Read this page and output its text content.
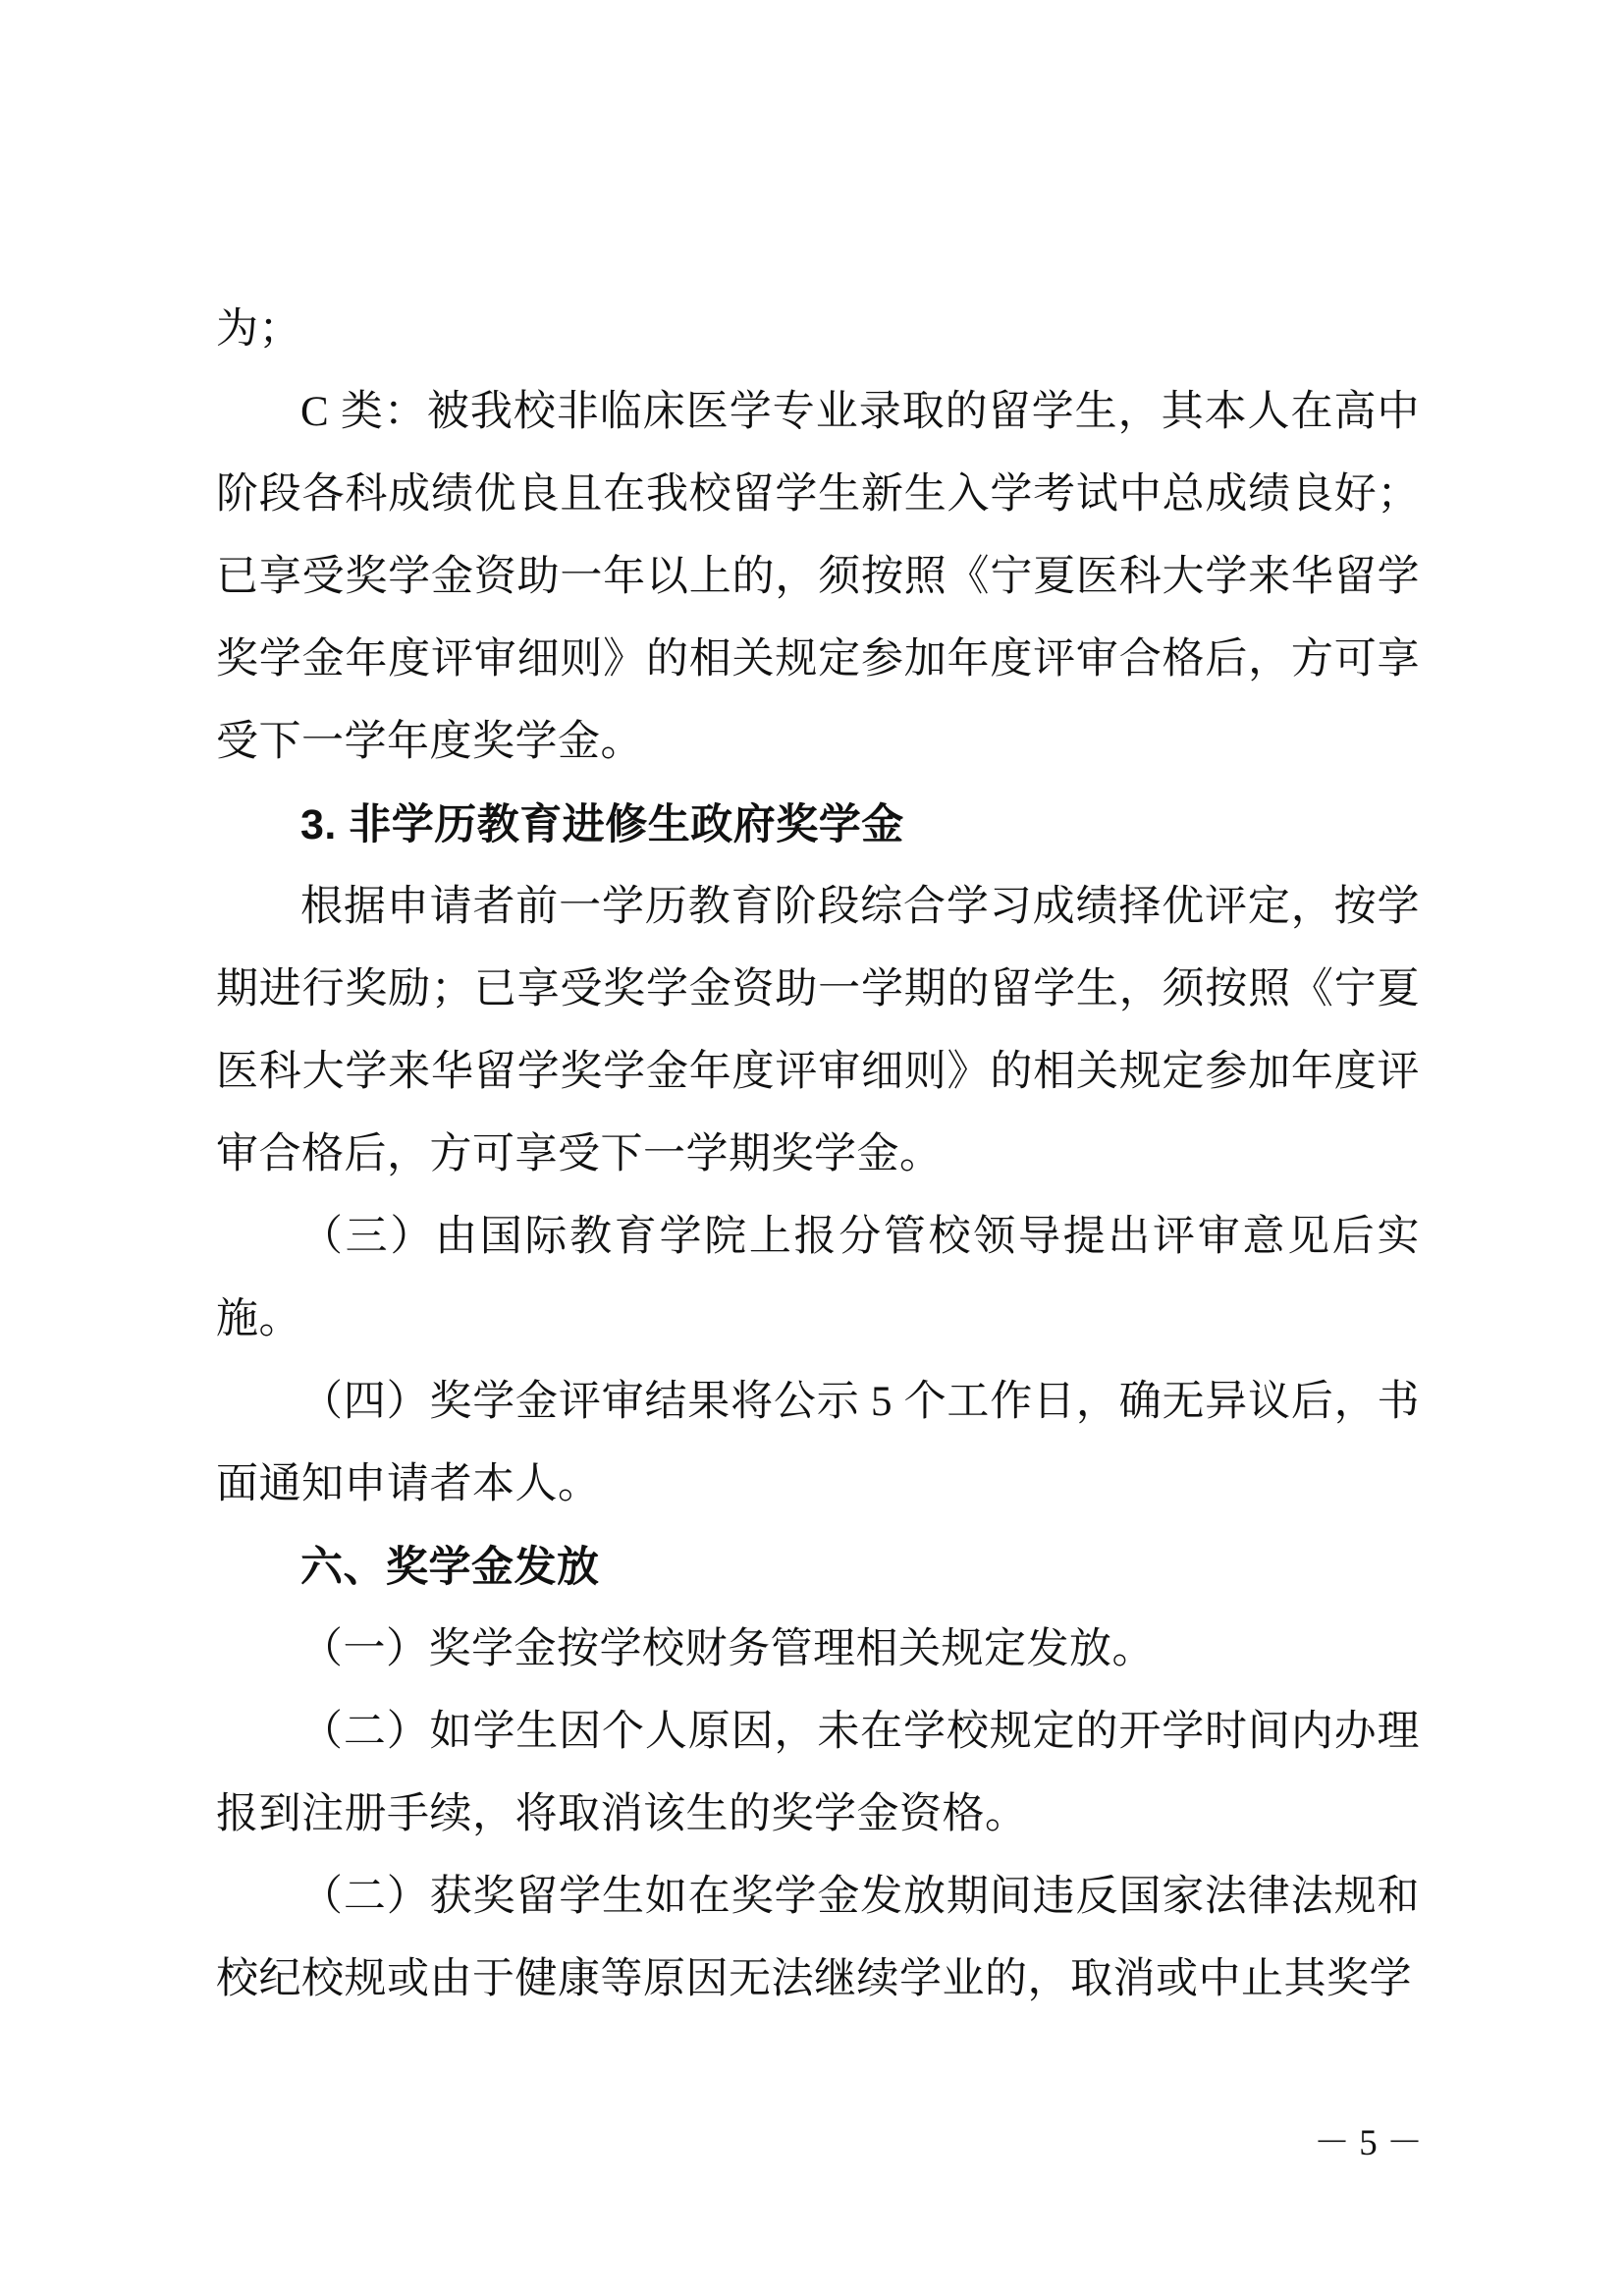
为；

C 类：被我校非临床医学专业录取的留学生，其本人在高中阶段各科成绩优良且在我校留学生新生入学考试中总成绩良好；已享受奖学金资助一年以上的，须按照《宁夏医科大学来华留学奖学金年度评审细则》的相关规定参加年度评审合格后，方可享受下一学年度奖学金。

3. 非学历教育进修生政府奖学金

根据申请者前一学历教育阶段综合学习成绩择优评定，按学期进行奖励；已享受奖学金资助一学期的留学生，须按照《宁夏医科大学来华留学奖学金年度评审细则》的相关规定参加年度评审合格后，方可享受下一学期奖学金。

（三）由国际教育学院上报分管校领导提出评审意见后实施。

（四）奖学金评审结果将公示 5 个工作日，确无异议后，书面通知申请者本人。

六、奖学金发放

（一）奖学金按学校财务管理相关规定发放。

（二）如学生因个人原因，未在学校规定的开学时间内办理报到注册手续，将取消该生的奖学金资格。

（二）获奖留学生如在奖学金发放期间违反国家法律法规和校纪校规或由于健康等原因无法继续学业的，取消或中止其奖学

－ 5 －
